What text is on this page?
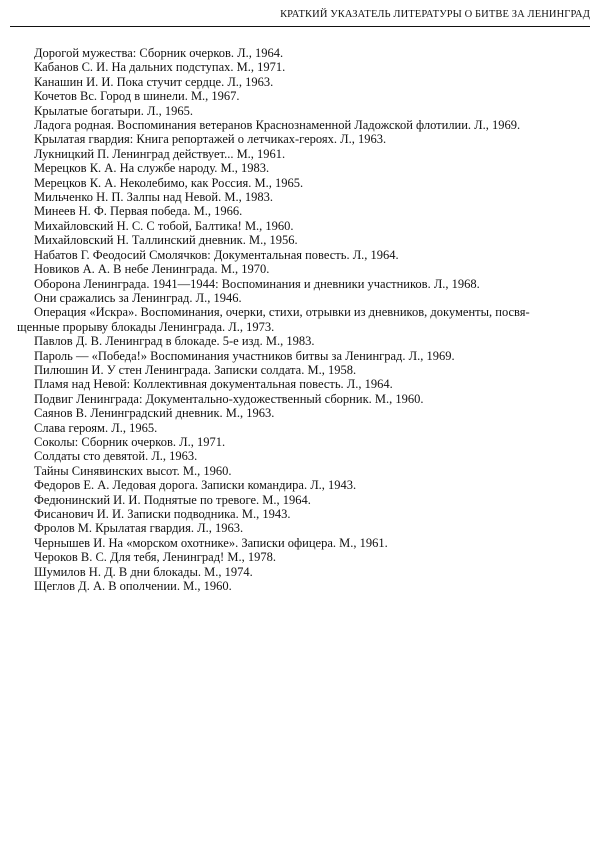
КРАТКИЙ УКАЗАТЕЛЬ ЛИТЕРАТУРЫ О БИТВЕ ЗА ЛЕНИНГРАД
Дорогой мужества: Сборник очерков. Л., 1964.
Кабанов С. И. На дальних подступах. М., 1971.
Канашин И. И. Пока стучит сердце. Л., 1963.
Кочетов Вс. Город в шинели. М., 1967.
Крылатые богатыри. Л., 1965.
Ладога родная. Воспоминания ветеранов Краснознаменной Ладожской флотилии. Л., 1969.
Крылатая гвардия: Книга репортажей о летчиках-героях. Л., 1963.
Лукницкий П. Ленинград действует... М., 1961.
Мерецков К. А. На службе народу. М., 1983.
Мерецков К. А. Неколебимо, как Россия. М., 1965.
Мильченко Н. П. Залпы над Невой. М., 1983.
Минеев Н. Ф. Первая победа. М., 1966.
Михайловский Н. С. С тобой, Балтика! М., 1960.
Михайловский Н. Таллинский дневник. М., 1956.
Набатов Г. Феодосий Смолячков: Документальная повесть. Л., 1964.
Новиков А. А. В небе Ленинграда. М., 1970.
Оборона Ленинграда. 1941—1944: Воспоминания и дневники участников. Л., 1968.
Они сражались за Ленинград. Л., 1946.
Операция «Искра». Воспоминания, очерки, стихи, отрывки из дневников, документы, посвя-
щенные прорыву блокады Ленинграда. Л., 1973.
Павлов Д. В. Ленинград в блокаде. 5-е изд. М., 1983.
Пароль — «Победа!» Воспоминания участников битвы за Ленинград. Л., 1969.
Пилюшин И. У стен Ленинграда. Записки солдата. М., 1958.
Пламя над Невой: Коллективная документальная повесть. Л., 1964.
Подвиг Ленинграда: Документально-художественный сборник. М., 1960.
Саянов В. Ленинградский дневник. М., 1963.
Слава героям. Л., 1965.
Соколы: Сборник очерков. Л., 1971.
Солдаты сто девятой. Л., 1963.
Тайны Синявинских высот. М., 1960.
Федоров Е. А. Ледовая дорога. Записки командира. Л., 1943.
Федюнинский И. И. Поднятые по тревоге. М., 1964.
Фисанович И. И. Записки подводника. М., 1943.
Фролов М. Крылатая гвардия. Л., 1963.
Чернышев И. На «морском охотнике». Записки офицера. М., 1961.
Чероков В. С. Для тебя, Ленинград! М., 1978.
Шумилов Н. Д. В дни блокады. М., 1974.
Щеглов Д. А. В ополчении. М., 1960.
